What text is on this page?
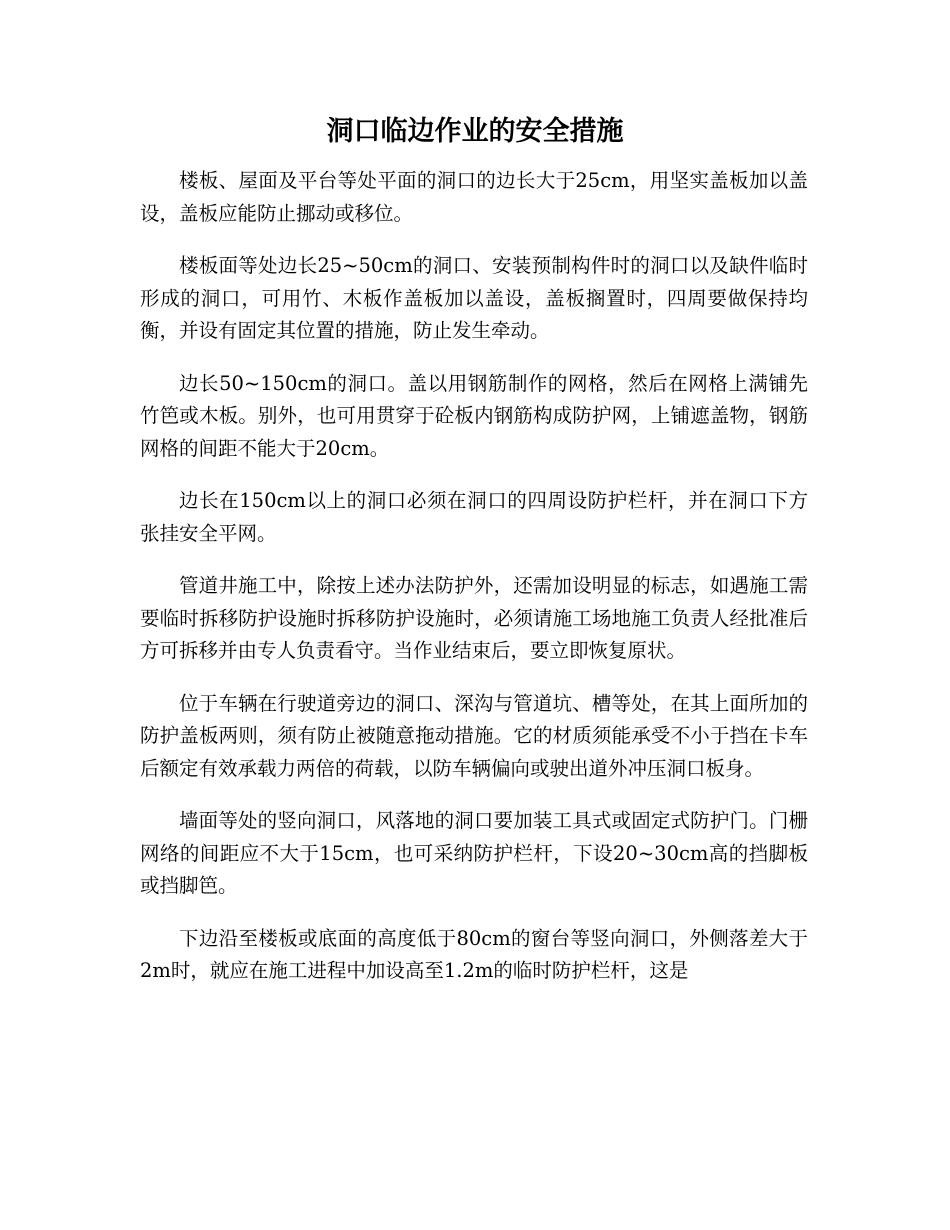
洞口临边作业的安全措施

楼板、屋面及平台等处平面的洞口的边长大于25cm，用坚实盖板加以盖设，盖板应能防止挪动或移位。

楼板面等处边长25~50cm的洞口、安装预制构件时的洞口以及缺件临时形成的洞口，可用竹、木板作盖板加以盖设，盖板搁置时，四周要做保持均衡，并设有固定其位置的措施，防止发生牵动。

边长50~150cm的洞口。盖以用钢筋制作的网格，然后在网格上满铺先竹笆或木板。别外，也可用贯穿于砼板内钢筋构成防护网，上铺遮盖物，钢筋网格的间距不能大于20cm。

边长在150cm以上的洞口必须在洞口的四周设防护栏杆，并在洞口下方张挂安全平网。

管道井施工中，除按上述办法防护外，还需加设明显的标志，如遇施工需要临时拆移防护设施时拆移防护设施时，必须请施工场地施工负责人经批准后方可拆移并由专人负责看守。当作业结束后，要立即恢复原状。

位于车辆在行驶道旁边的洞口、深沟与管道坑、槽等处，在其上面所加的防护盖板两则，须有防止被随意拖动措施。它的材质须能承受不小于挡在卡车后额定有效承载力两倍的荷载，以防车辆偏向或驶出道外冲压洞口板身。

墙面等处的竖向洞口，风落地的洞口要加装工具式或固定式防护门。门栅网络的间距应不大于15cm，也可采纳防护栏杆，下设20~30cm高的挡脚板或挡脚笆。

下边沿至楼板或底面的高度低于80cm的窗台等竖向洞口，外侧落差大于2m时，就应在施工进程中加设高至1.2m的临时防护栏杆，这是
